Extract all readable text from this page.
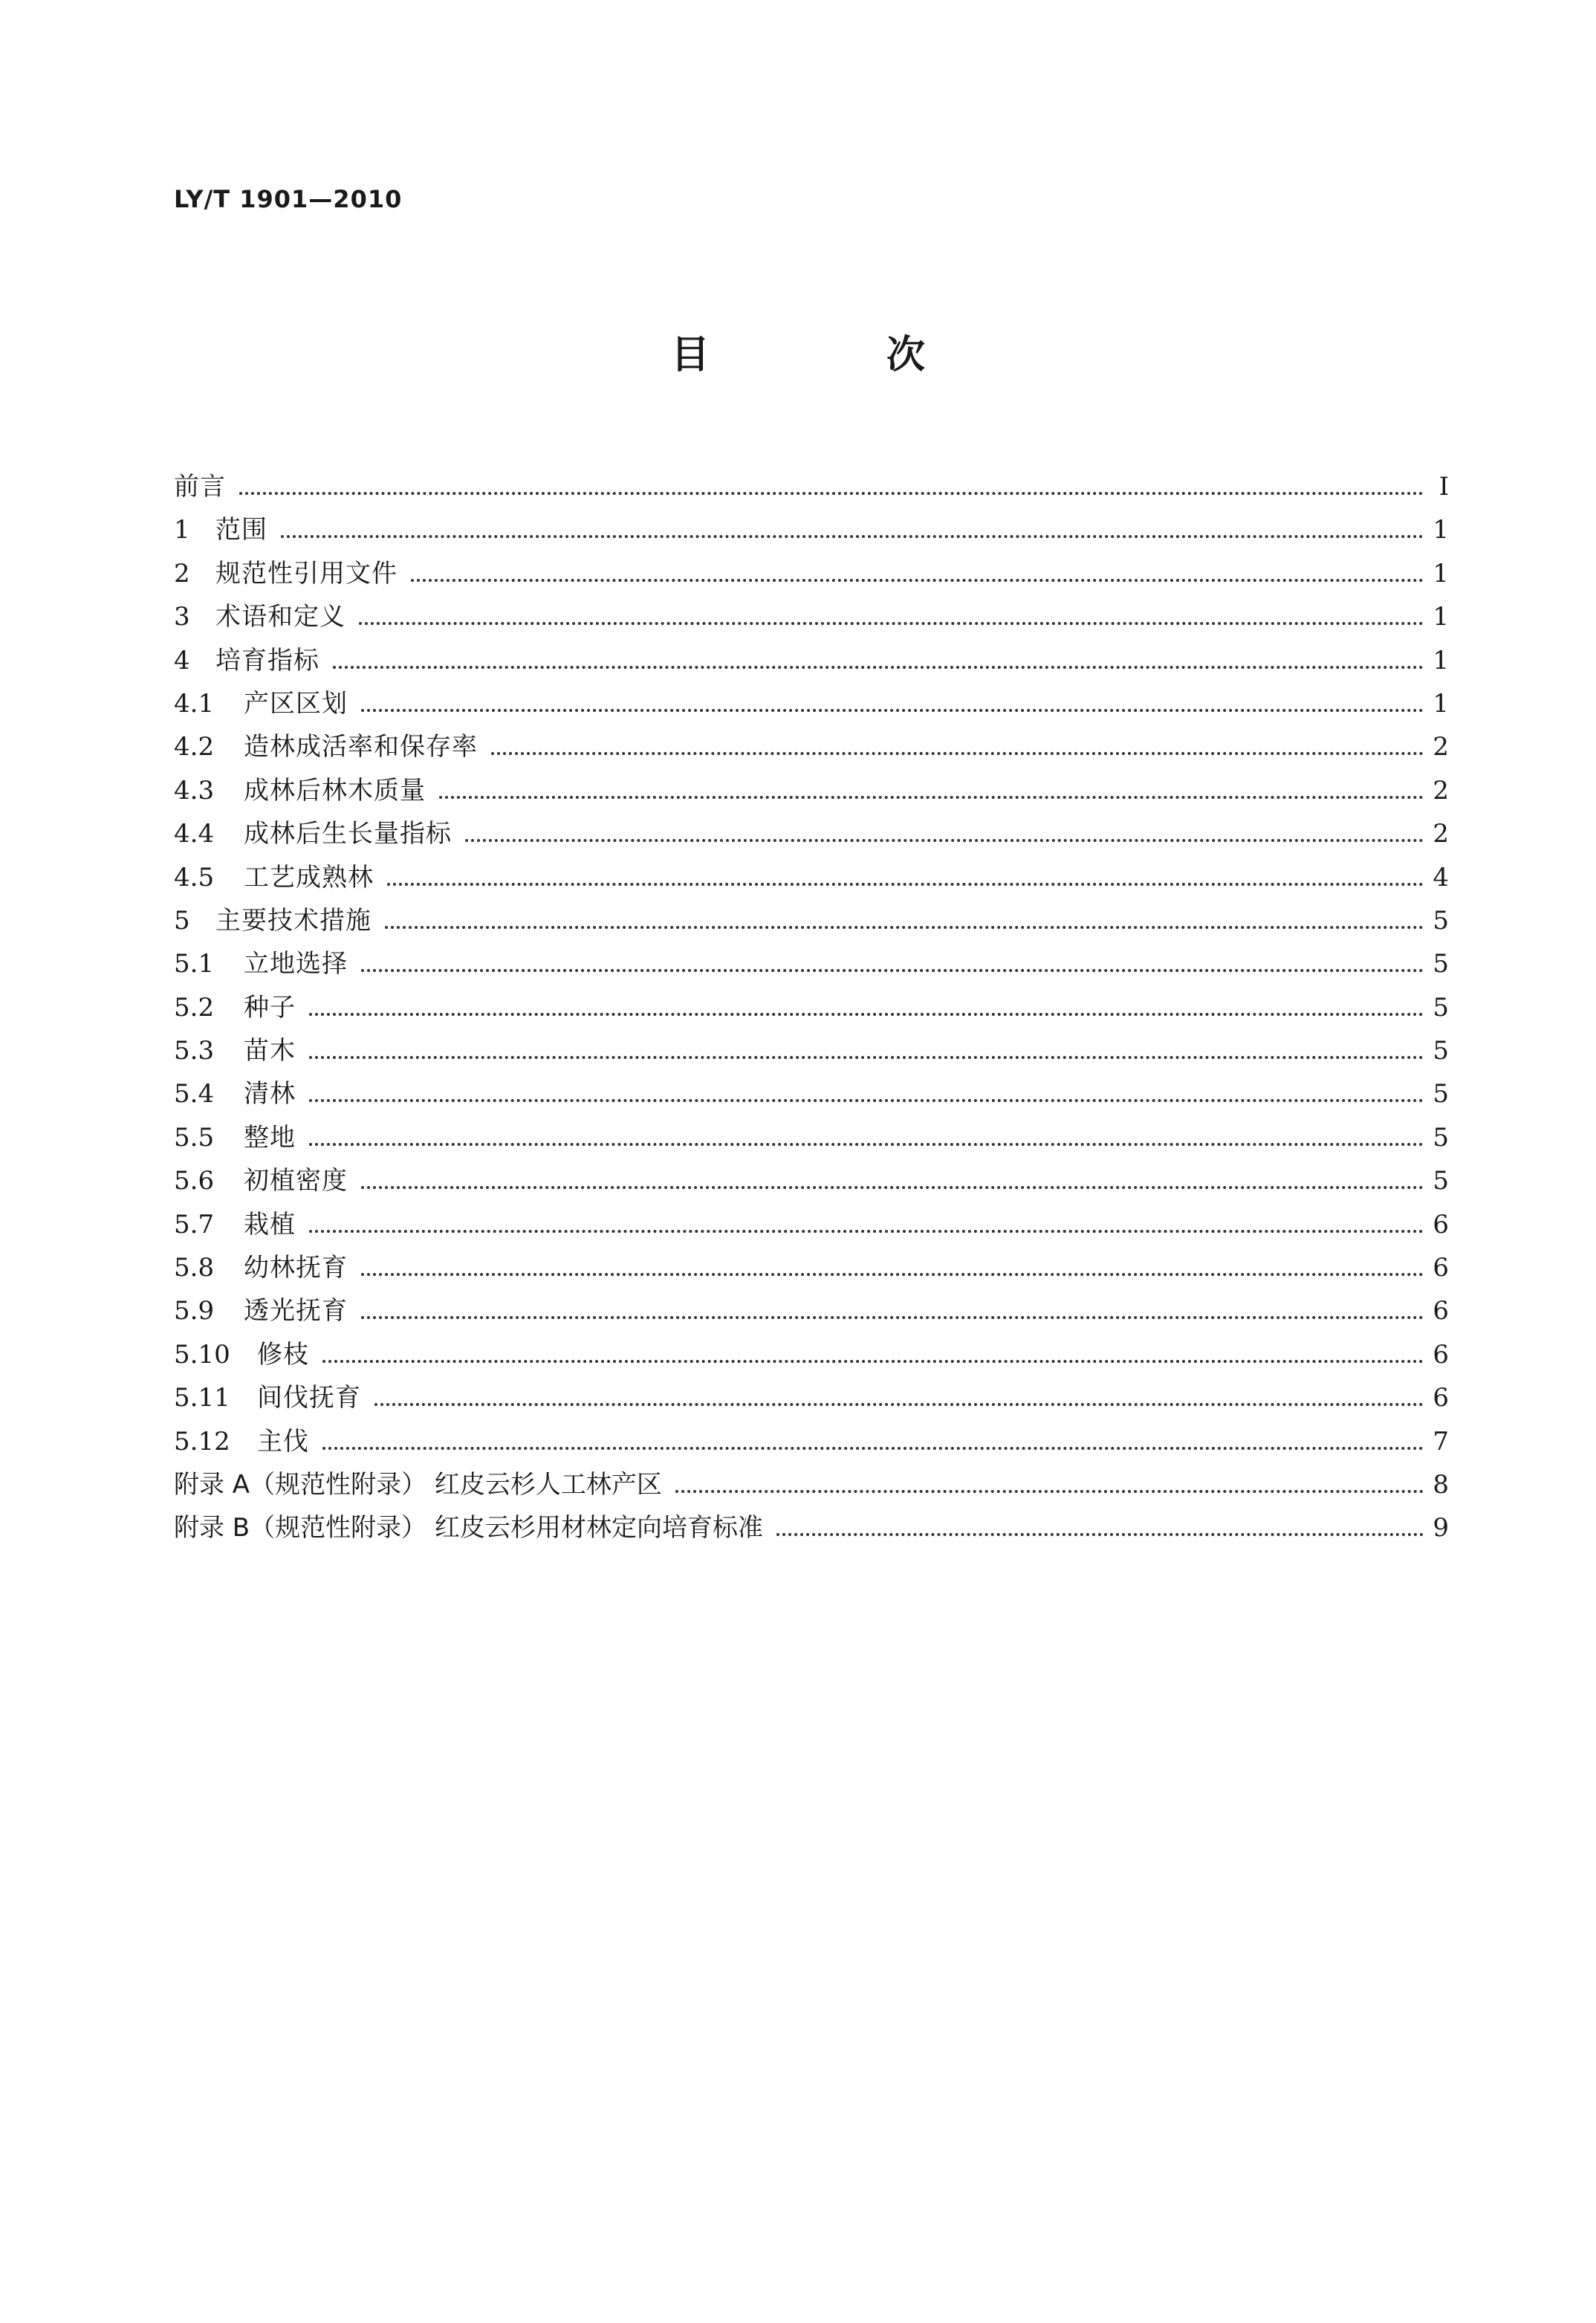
LY/T 1901—2010
目 次
前言	I
1	范围	1
2	规范性引用文件	1
3	术语和定义	1
4	培育指标	1
4.1	产区区划	1
4.2	造林成活率和保存率	2
4.3	成林后林木质量	2
4.4	成林后生长量指标	2
4.5	工艺成熟林	4
5	主要技术措施	5
5.1	立地选择	5
5.2	种子	5
5.3	苗木	5
5.4	清林	5
5.5	整地	5
5.6	初植密度	5
5.7	栽植	6
5.8	幼林抚育	6
5.9	透光抚育	6
5.10	修枝	6
5.11	间伐抚育	6
5.12	主伐	7
附录 A（规范性附录） 红皮云杉人工林产区	8
附录 B（规范性附录） 红皮云杉用材林定向培育标准	9
